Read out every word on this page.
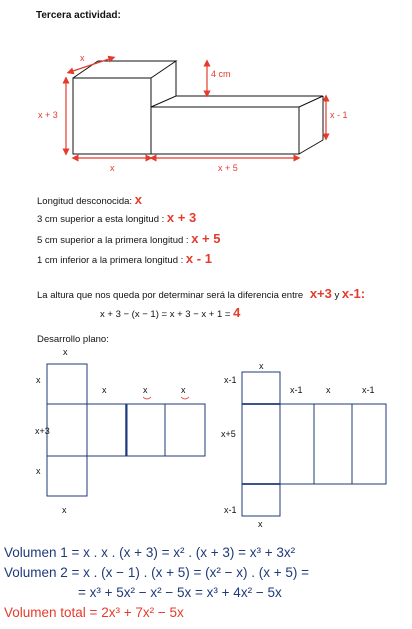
Tercera actividad:
x
4 cm
x + 3	x - 1
x	x + 5
x
x
x+3
x
x
x	x	x
x
x-1
x+5
x-1
x
x-1	x	x-1
Longitud desconocida: x
3 cm superior a esta longitud : x + 3
5 cm superior a la primera longitud : x + 5
1 cm inferior a la primera longitud : x - 1
La altura que nos queda por determinar será la diferencia entre x+3 y x-1:
x + 3 − (x − 1) = x + 3 − x + 1 = 4
Desarrollo plano:
Volumen 1 = x . x . (x + 3) = x² . (x + 3) = x³ + 3x²
Volumen 2 = x . (x − 1) . (x + 5) = (x² − x) . (x + 5) =
= x³ + 5x² − x² − 5x = x³ + 4x² − 5x
Volumen total = 2x³ + 7x² − 5x
